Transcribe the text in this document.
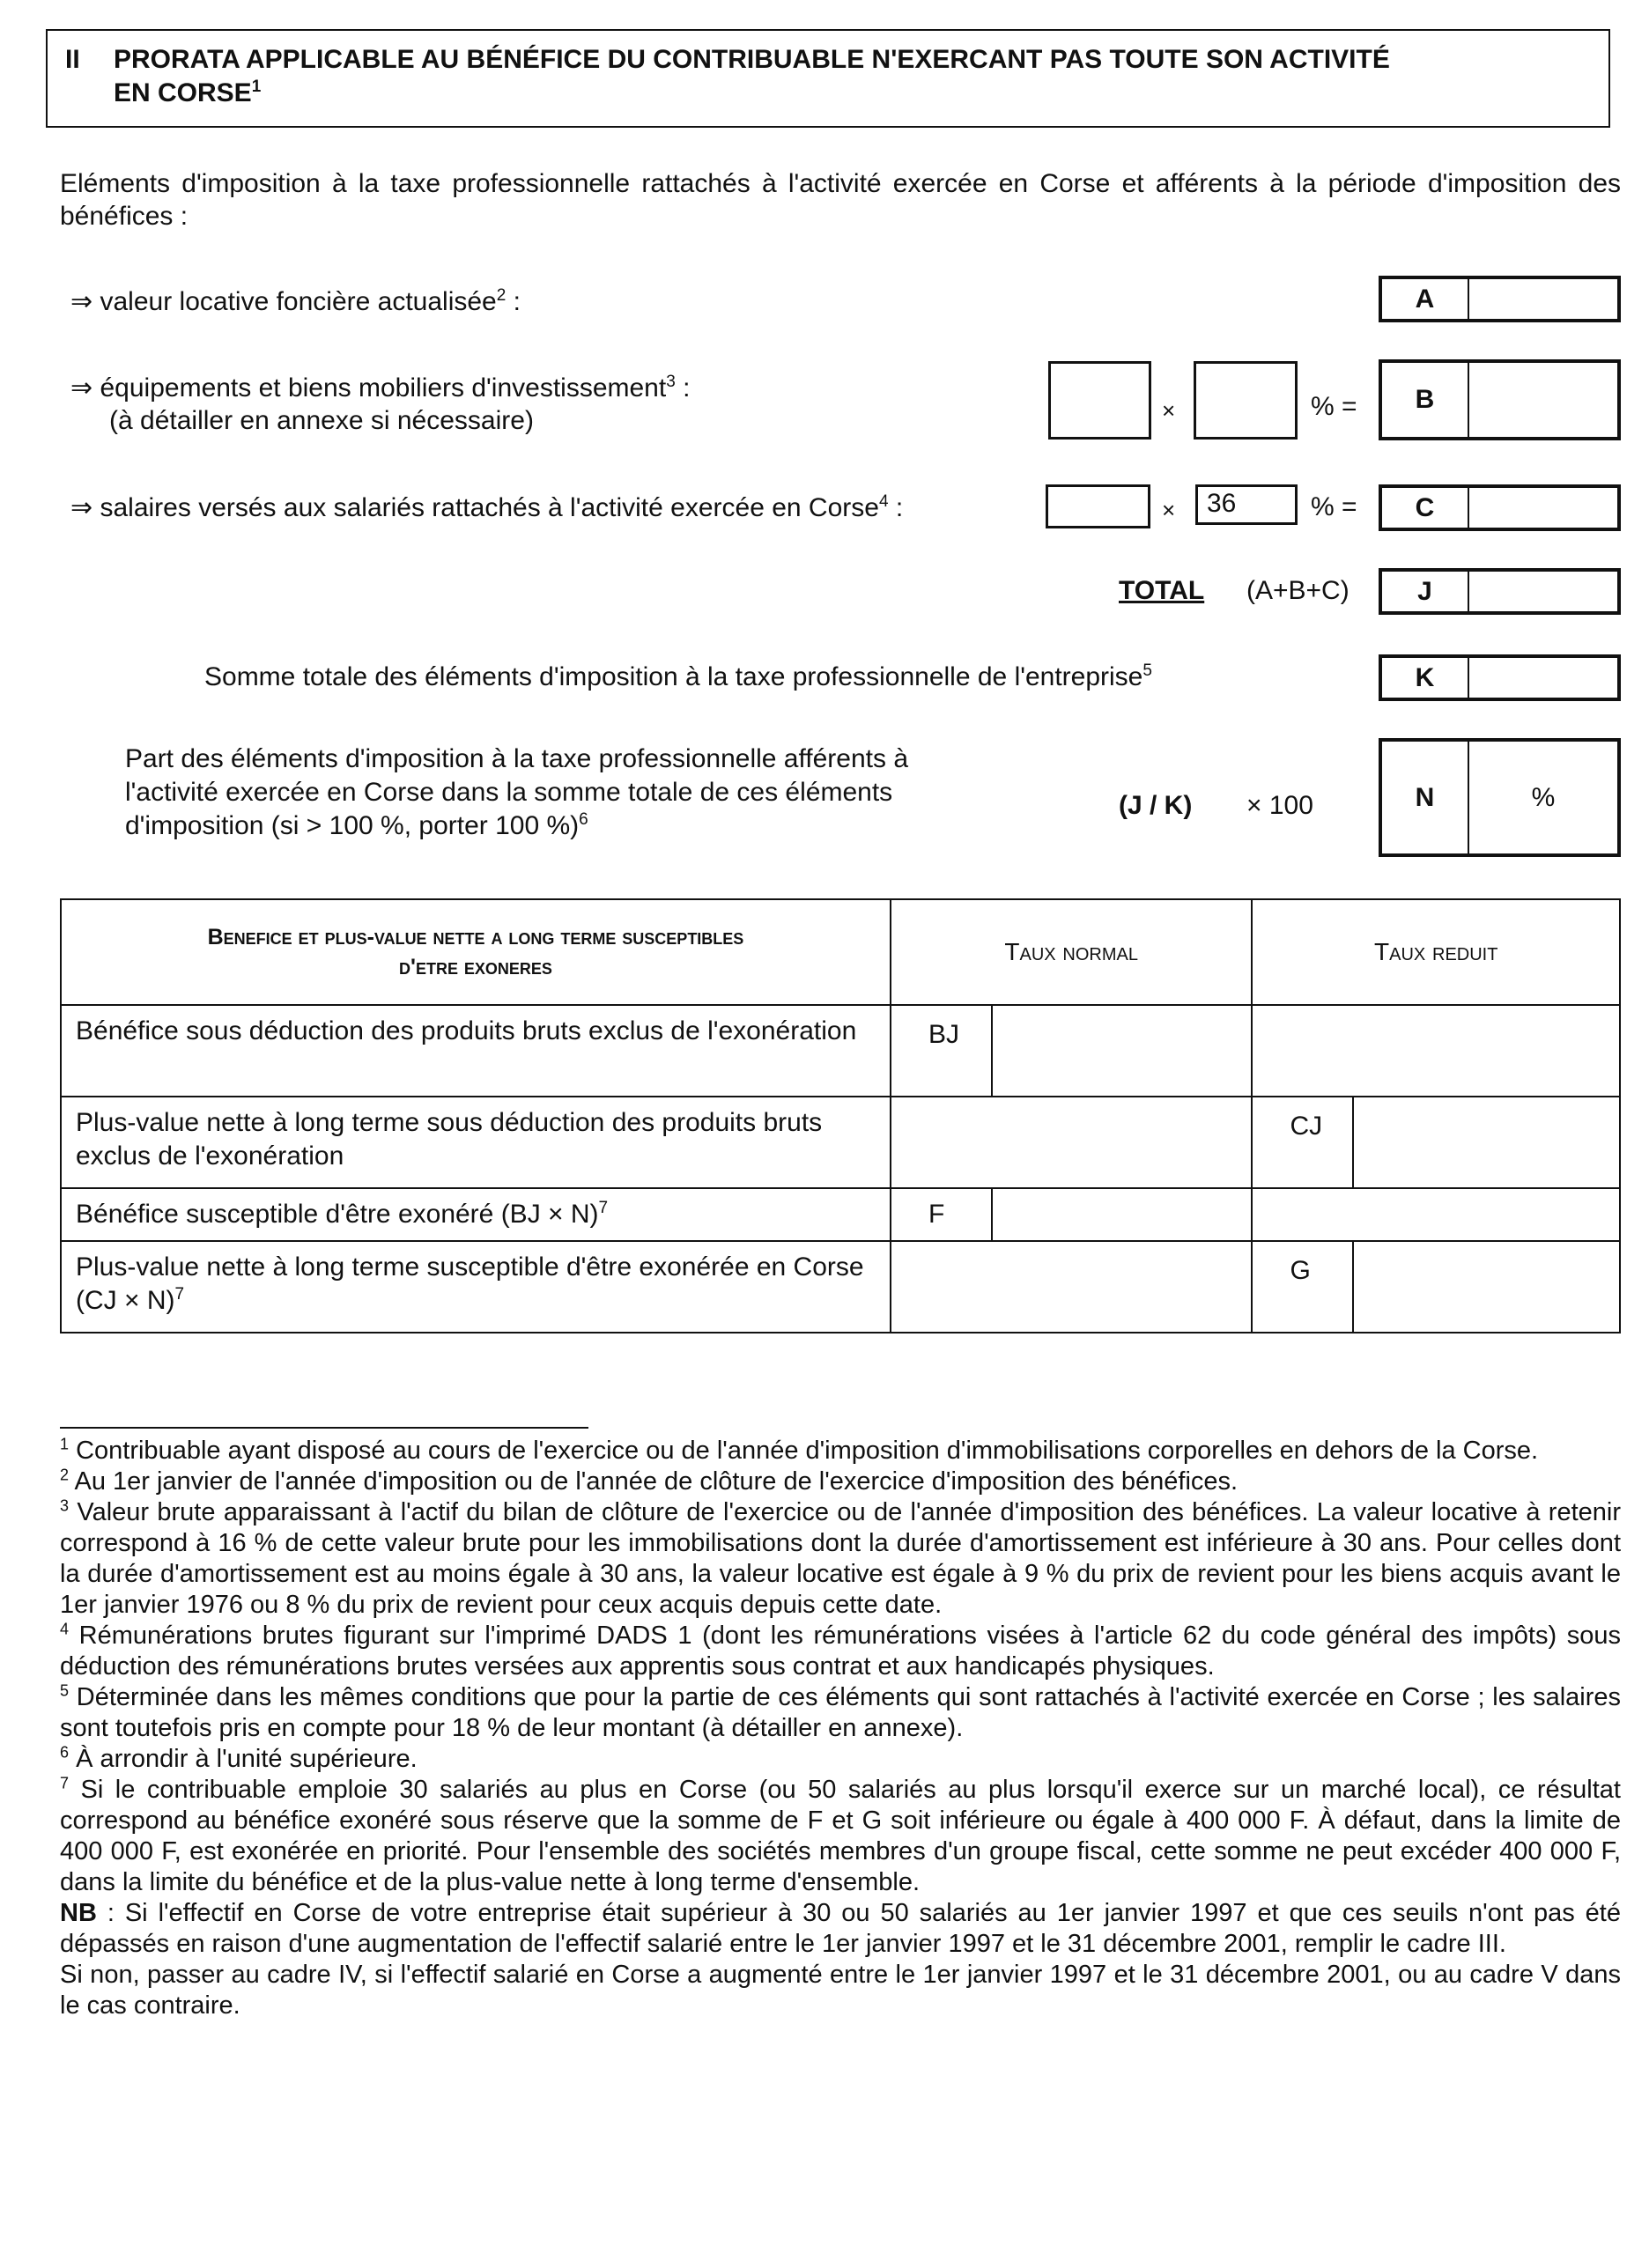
II PRORATA APPLICABLE AU BÉNÉFICE DU CONTRIBUABLE N'EXERCANT PAS TOUTE SON ACTIVITÉ
EN CORSE$^1$
Eléments d'imposition à la taxe professionnelle rattachés à l'activité exercée en Corse et afférents à la période d'imposition des bénéfices :
⇒ valeur locative foncière actualisée$^2$ :	A
⇒ équipements et biens mobiliers d'investissement$^3$ :
(à détailler en annexe si nécessaire)	×	% =	B
⇒ salaires versés aux salariés rattachés à l'activité exercée en Corse$^4$ :	×	36	% =	C
TOTAL (A+B+C)	J
Somme totale des éléments d'imposition à la taxe professionnelle de l'entreprise$^5$	K
Part des éléments d'imposition à la taxe professionnelle afférents à
l'activité exercée en Corse dans la somme totale de ces éléments
d'imposition (si > 100 %, porter 100 %)$^6$	(J / K) × 100	N	%
Benefice et plus-value nette a long terme susceptibles
d'etre exoneres	Taux normal		Taux reduit	
Bénéfice sous déduction des produits bruts exclus de l'exonération	BJ			
Plus-value nette à long terme sous déduction des produits bruts exclus de l'exonération			CJ	
Bénéfice susceptible d'être exonéré (BJ × N)$^7$	F			
Plus-value nette à long terme susceptible d'être exonérée en Corse (CJ × N)$^7$			G	
$^1$ Contribuable ayant disposé au cours de l'exercice ou de l'année d'imposition d'immobilisations corporelles en dehors de la Corse.
$^2$ Au 1er janvier de l'année d'imposition ou de l'année de clôture de l'exercice d'imposition des bénéfices.
$^3$ Valeur brute apparaissant à l'actif du bilan de clôture de l'exercice ou de l'année d'imposition des bénéfices. La valeur locative à retenir correspond à 16 % de cette valeur brute pour les immobilisations dont la durée d'amortissement est inférieure à 30 ans. Pour celles dont la durée d'amortissement est au moins égale à 30 ans, la valeur locative est égale à 9 % du prix de revient pour les biens acquis avant le 1er janvier 1976 ou 8 % du prix de revient pour ceux acquis depuis cette date.
$^4$ Rémunérations brutes figurant sur l'imprimé DADS 1 (dont les rémunérations visées à l'article 62 du code général des impôts) sous déduction des rémunérations brutes versées aux apprentis sous contrat et aux handicapés physiques.
$^5$ Déterminée dans les mêmes conditions que pour la partie de ces éléments qui sont rattachés à l'activité exercée en Corse ; les salaires sont toutefois pris en compte pour 18 % de leur montant (à détailler en annexe).
$^6$ À arrondir à l'unité supérieure.
$^7$ Si le contribuable emploie 30 salariés au plus en Corse (ou 50 salariés au plus lorsqu'il exerce sur un marché local), ce résultat correspond au bénéfice exonéré sous réserve que la somme de F et G soit inférieure ou égale à 400 000 F. À défaut, dans la limite de 400 000 F, est exonérée en priorité. Pour l'ensemble des sociétés membres d'un groupe fiscal, cette somme ne peut excéder 400 000 F, dans la limite du bénéfice et de la plus-value nette à long terme d'ensemble.
NB : Si l'effectif en Corse de votre entreprise était supérieur à 30 ou 50 salariés au 1er janvier 1997 et que ces seuils n'ont pas été dépassés en raison d'une augmentation de l'effectif salarié entre le 1er janvier 1997 et le 31 décembre 2001, remplir le cadre III.
Si non, passer au cadre IV, si l'effectif salarié en Corse a augmenté entre le 1er janvier 1997 et le 31 décembre 2001, ou au cadre V dans le cas contraire.
